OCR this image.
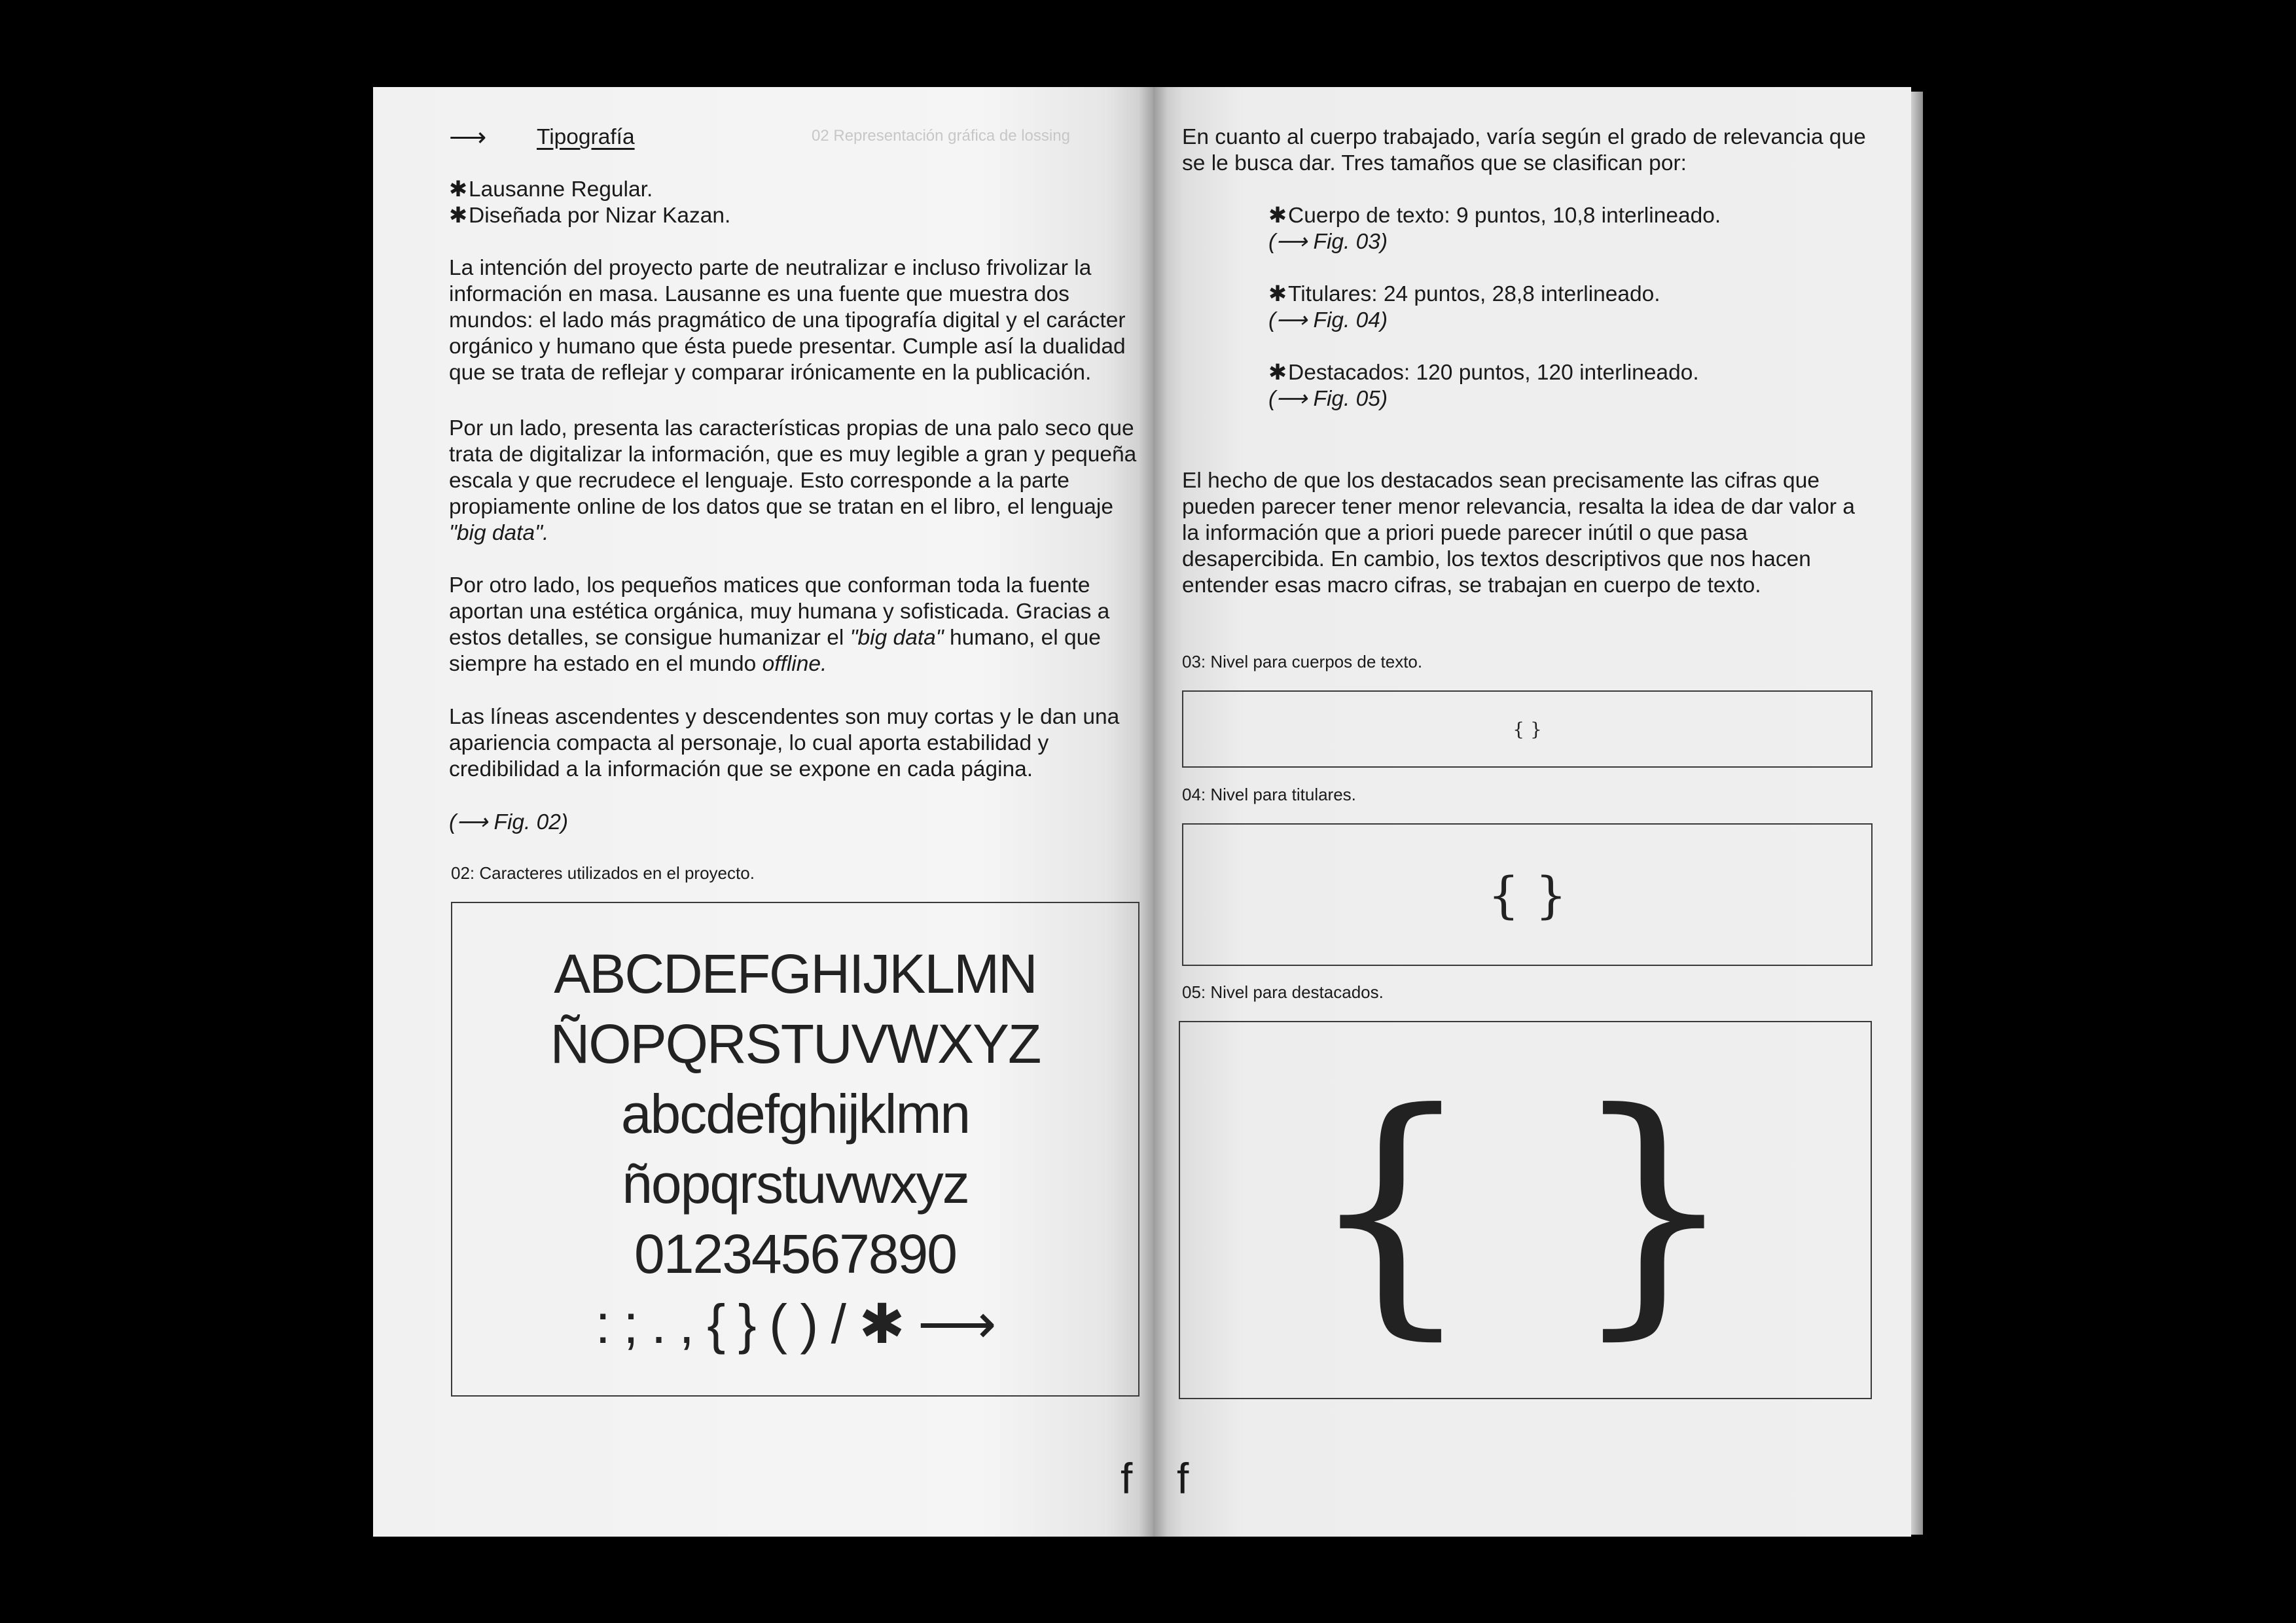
⟶ Tipografía	02 Representación gráfica de lossing

✱Lausanne Regular.

✱Diseñada por Nizar Kazan.

La intención del proyecto parte de neutralizar e incluso frivolizar la información en masa. Lausanne es una fuente que muestra dos mundos: el lado más pragmático de una tipografía digital y el carácter orgánico y humano que ésta puede presentar. Cumple así la dualidad que se trata de reflejar y comparar irónicamente en la publicación.
Por un lado, presenta las características propias de una palo seco que trata de digitalizar la información, que es muy legible a gran y pequeña escala y que recrudece el lenguaje. Esto corresponde a la parte propiamente online de los datos que se tratan en el libro, el lenguaje "big data".
Por otro lado, los pequeños matices que conforman toda la fuente aportan una estética orgánica, muy humana y sofisticada. Gracias a estos detalles, se consigue humanizar el "big data" humano, el que siempre ha estado en el mundo offline.
Las líneas ascendentes y descendentes son muy cortas y le dan una apariencia compacta al personaje, lo cual aporta estabilidad y credibilidad a la información que se expone en cada página.
(⟶ Fig. 02)
02: Caracteres utilizados en el proyecto.
ABCDEFGHIJKLMN
ÑOPQRSTUVWXYZ
abcdefghijklmn
ñopqrstuvwxyz
01234567890
: ; . , { } ( ) / ✱ ⟶
f
En cuanto al cuerpo trabajado, varía según el grado de relevancia que se le busca dar. Tres tamaños que se clasifican por:

✱Cuerpo de texto: 9 puntos, 10,8 interlineado.

(⟶ Fig. 03)

✱Titulares: 24 puntos, 28,8 interlineado.

(⟶ Fig. 04)

✱Destacados: 120 puntos, 120 interlineado.

(⟶ Fig. 05)

El hecho de que los destacados sean precisamente las cifras que pueden parecer tener menor relevancia, resalta la idea de dar valor a la información que a priori puede parecer inútil o que pasa desapercibida. En cambio, los textos descriptivos que nos hacen entender esas macro cifras, se trabajan en cuerpo de texto.
03: Nivel para cuerpos de texto.
{ }
04: Nivel para titulares.
{ }
05: Nivel para destacados.
{ }
f
